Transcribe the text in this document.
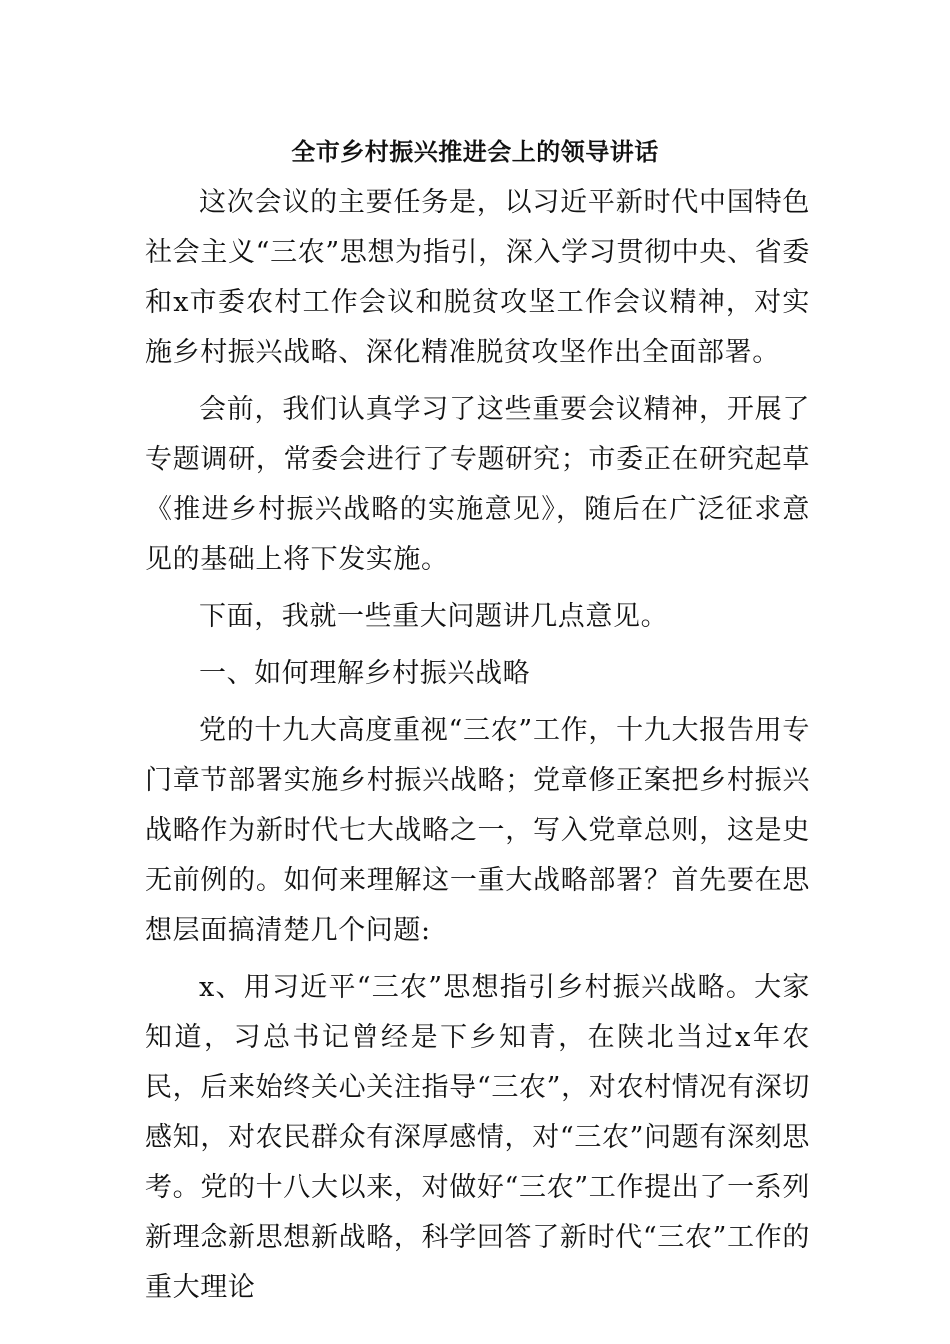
全市乡村振兴推进会上的领导讲话

这次会议的主要任务是，以习近平新时代中国特色社会主义“三农”思想为指引，深入学习贯彻中央、省委和x市委农村工作会议和脱贫攻坚工作会议精神，对实施乡村振兴战略、深化精准脱贫攻坚作出全面部署。

会前，我们认真学习了这些重要会议精神，开展了专题调研，常委会进行了专题研究；市委正在研究起草《推进乡村振兴战略的实施意见》，随后在广泛征求意见的基础上将下发实施。

下面，我就一些重大问题讲几点意见。

一、如何理解乡村振兴战略

党的十九大高度重视“三农”工作，十九大报告用专门章节部署实施乡村振兴战略；党章修正案把乡村振兴战略作为新时代七大战略之一，写入党章总则，这是史无前例的。如何来理解这一重大战略部署？首先要在思想层面搞清楚几个问题:

x、用习近平“三农”思想指引乡村振兴战略。大家知道，习总书记曾经是下乡知青，在陕北当过x年农民，后来始终关心关注指导“三农”，对农村情况有深切感知，对农民群众有深厚感情，对“三农”问题有深刻思考。党的十八大以来，对做好“三农”工作提出了一系列新理念新思想新战略，科学回答了新时代“三农”工作的重大理论
